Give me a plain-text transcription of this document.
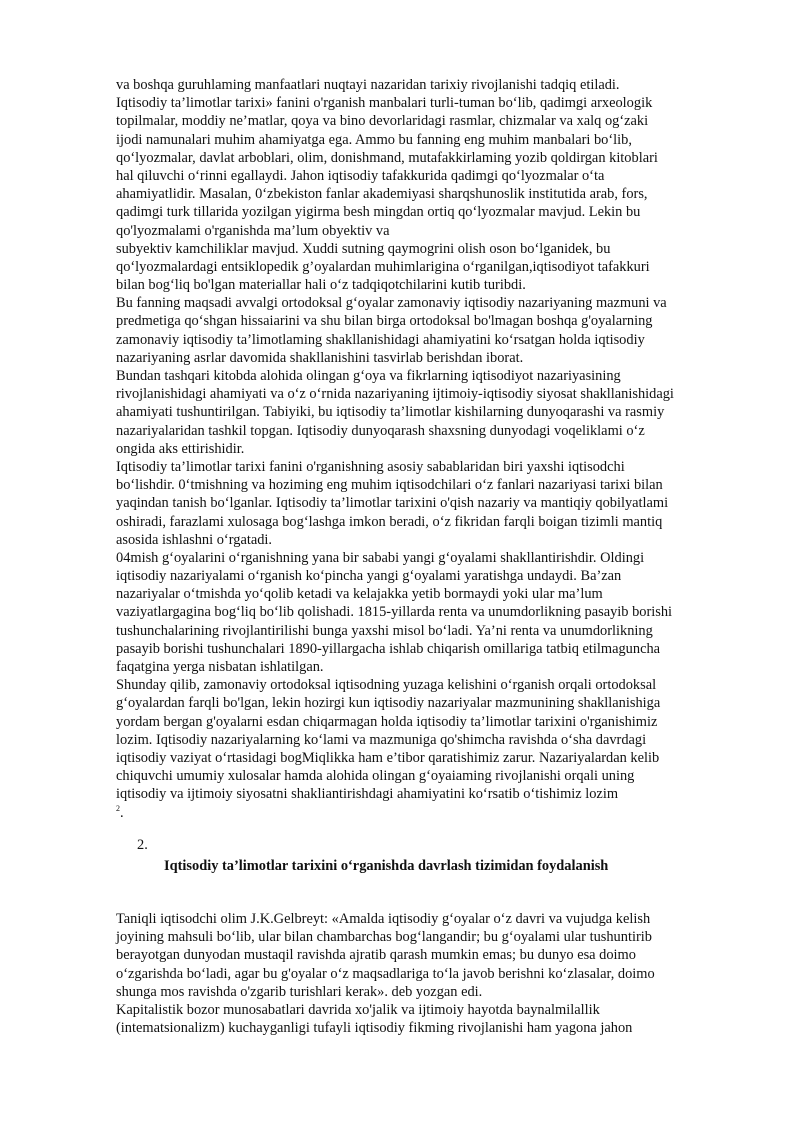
va boshqa guruhlaming manfaatlari nuqtayi nazaridan tarixiy rivojlanishi tadqiq etiladi.
Iqtisodiy ta’limotlar tarixi» fanini o'rganish manbalari turli-tuman bo‘lib, qadimgi arxeologik
topilmalar, moddiy ne’matlar, qoya va bino devorlaridagi rasmlar, chizmalar va xalq og‘zaki
ijodi namunalari muhim ahamiyatga ega. Ammo bu fanning eng muhim manbalari bo‘lib,
qo‘lyozmalar, davlat arboblari, olim, donishmand, mutafakkirlaming yozib qoldirgan kitoblari
hal qiluvchi o‘rinni egallaydi. Jahon iqtisodiy tafakkurida qadimgi qo‘lyozmalar o‘ta
ahamiyatlidir. Masalan, 0‘zbekiston fanlar akademiyasi sharqshunoslik institutida arab, fors,
qadimgi turk tillarida yozilgan yigirma besh mingdan ortiq qo‘lyozmalar mavjud. Lekin bu
qo'lyozmalami o'rganishda ma’lum obyektiv va
subyektiv kamchiliklar mavjud. Xuddi sutning qaymogrini olish oson bo‘lganidek, bu
qo‘lyozmalardagi entsiklopedik g’oyalardan muhimlarigina o‘rganilgan,iqtisodiyot tafakkuri
bilan bog‘liq bo'lgan materiallar hali o‘z tadqiqotchilarini kutib turibdi.
Bu fanning maqsadi avvalgi ortodoksal g‘oyalar zamonaviy iqtisodiy nazariyaning mazmuni va
predmetiga qo‘shgan hissaiarini va shu bilan birga ortodoksal bo'lmagan boshqa g'oyalarning
zamonaviy iqtisodiy ta’limotlaming shakllanishidagi ahamiyatini ko‘rsatgan holda iqtisodiy
nazariyaning asrlar davomida shakllanishini tasvirlab berishdan iborat.
Bundan tashqari kitobda alohida olingan g‘oya va fikrlarning iqtisodiyot nazariyasining
rivojlanishidagi ahamiyati va o‘z o‘rnida nazariyaning ijtimoiy-iqtisodiy siyosat shakllanishidagi
ahamiyati tushuntirilgan. Tabiyiki, bu iqtisodiy ta’limotlar kishilarning dunyoqarashi va rasmiy
nazariyalaridan tashkil topgan. Iqtisodiy dunyoqarash shaxsning dunyodagi voqeliklami o‘z
ongida aks ettirishidir.
Iqtisodiy ta’limotlar tarixi fanini o'rganishning asosiy sabablaridan biri yaxshi iqtisodchi
bo‘lishdir. 0‘tmishning va hoziming eng muhim iqtisodchilari o‘z fanlari nazariyasi tarixi bilan
yaqindan tanish bo‘lganlar. Iqtisodiy ta’limotlar tarixini o'qish nazariy va mantiqiy qobilyatlami
oshiradi, farazlami xulosaga bog‘lashga imkon beradi, o‘z fikridan farqli boigan tizimli mantiq
asosida ishlashni o‘rgatadi.
04mish g‘oyalarini o‘rganishning yana bir sababi yangi g‘oyalami shakllantirishdir. Oldingi
iqtisodiy nazariyalami o‘rganish ko‘pincha yangi g‘oyalami yaratishga undaydi. Ba’zan
nazariyalar o‘tmishda yo‘qolib ketadi va kelajakka yetib bormaydi yoki ular ma’lum
vaziyatlargagina bog‘liq bo‘lib qolishadi. 1815-yillarda renta va unumdorlikning pasayib borishi
tushunchalarining rivojlantirilishi bunga yaxshi misol bo‘ladi. Ya’ni renta va unumdorlikning
pasayib borishi tushunchalari 1890-yillargacha ishlab chiqarish omillariga tatbiq etilmaguncha
faqatgina yerga nisbatan ishlatilgan.
Shunday qilib, zamonaviy ortodoksal iqtisodning yuzaga kelishini o‘rganish orqali ortodoksal
g‘oyalardan farqli bo'lgan, lekin hozirgi kun iqtisodiy nazariyalar mazmunining shakllanishiga
yordam bergan g'oyalarni esdan chiqarmagan holda iqtisodiy ta’limotlar tarixini o'rganishimiz
lozim. Iqtisodiy nazariyalarning ko‘lami va mazmuniga qo'shimcha ravishda o‘sha davrdagi
iqtisodiy vaziyat o‘rtasidagi bogMiqlikka ham e’tibor qaratishimiz zarur. Nazariyalardan kelib
chiquvchi umumiy xulosalar hamda alohida olingan g‘oyaiaming rivojlanishi orqali uning
iqtisodiy va ijtimoiy siyosatni shakliantirishdagi ahamiyatini ko‘rsatib o‘tishimiz lozim
$^2$.
2.
Iqtisodiy ta’limotlar tarixini o‘rganishda davrlash tizimidan foydalanish
Taniqli iqtisodchi olim J.K.Gelbreyt: «Amalda iqtisodiy g‘oyalar o‘z davri va vujudga kelish
joyining mahsuli bo‘lib, ular bilan chambarchas bog‘langandir; bu g‘oyalami ular tushuntirib
berayotgan dunyodan mustaqil ravishda ajratib qarash mumkin emas; bu dunyo esa doimo
o‘zgarishda bo‘ladi, agar bu g'oyalar o‘z maqsadlariga to‘la javob berishni ko‘zlasalar, doimo
shunga mos ravishda o'zgarib turishlari kerak». deb yozgan edi.
Kapitalistik bozor munosabatlari davrida xo'jalik va ijtimoiy hayotda baynalmilallik
(intematsionalizm) kuchayganligi tufayli iqtisodiy fikming rivojlanishi ham yagona jahon
